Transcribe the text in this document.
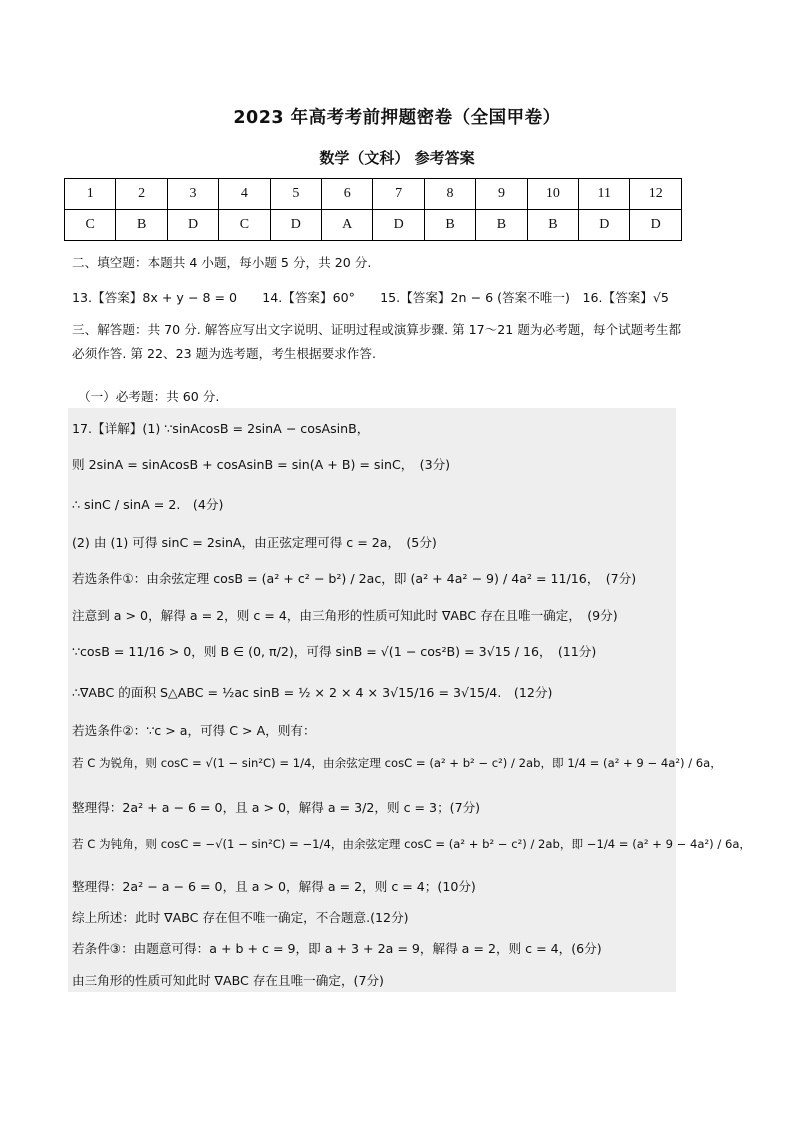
2023 年高考考前押题密卷（全国甲卷）
数学（文科） 参考答案
1	2	3	4	5	6	7	8	9	10	11	12
C	B	D	C	D	A	D	B	B	B	D	D
二、填空题：本题共 4 小题，每小题 5 分，共 20 分.
13.【答案】8x + y − 8 = 0　　14.【答案】60°　　15.【答案】2n − 6 (答案不唯一)　16.【答案】√5
三、解答题：共 70 分. 解答应写出文字说明、证明过程或演算步骤. 第 17～21 题为必考题，每个试题考生都必须作答. 第 22、23 题为选考题，考生根据要求作答.
（一）必考题：共 60 分.
17.【详解】(1) ∵sinAcosB = 2sinA − cosAsinB，
则 2sinA = sinAcosB + cosAsinB = sin(A + B) = sinC，　(3分)
∴ sinC / sinA = 2.　(4分)
(2) 由 (1) 可得 sinC = 2sinA，由正弦定理可得 c = 2a，　(5分)
若选条件①：由余弦定理 cosB = (a² + c² − b²) / 2ac，即 (a² + 4a² − 9) / 4a² = 11/16，　(7分)
注意到 a > 0，解得 a = 2，则 c = 4，由三角形的性质可知此时 ∇ABC 存在且唯一确定，　(9分)
∵cosB = 11/16 > 0，则 B ∈ (0, π/2)，可得 sinB = √(1 − cos²B) = 3√15 / 16，　(11分)
∴∇ABC 的面积 S△ABC = ½ac sinB = ½ × 2 × 4 × 3√15/16 = 3√15/4.　(12分)
若选条件②：∵c > a，可得 C > A，则有：
若 C 为锐角，则 cosC = √(1 − sin²C) = 1/4，由余弦定理 cosC = (a² + b² − c²) / 2ab，即 1/4 = (a² + 9 − 4a²) / 6a，
整理得：2a² + a − 6 = 0，且 a > 0，解得 a = 3/2，则 c = 3；(7分)
若 C 为钝角，则 cosC = −√(1 − sin²C) = −1/4，由余弦定理 cosC = (a² + b² − c²) / 2ab，即 −1/4 = (a² + 9 − 4a²) / 6a，
整理得：2a² − a − 6 = 0，且 a > 0，解得 a = 2，则 c = 4；(10分)
综上所述：此时 ∇ABC 存在但不唯一确定，不合题意.(12分)
若条件③：由题意可得：a + b + c = 9，即 a + 3 + 2a = 9，解得 a = 2，则 c = 4，(6分)
由三角形的性质可知此时 ∇ABC 存在且唯一确定，(7分)
